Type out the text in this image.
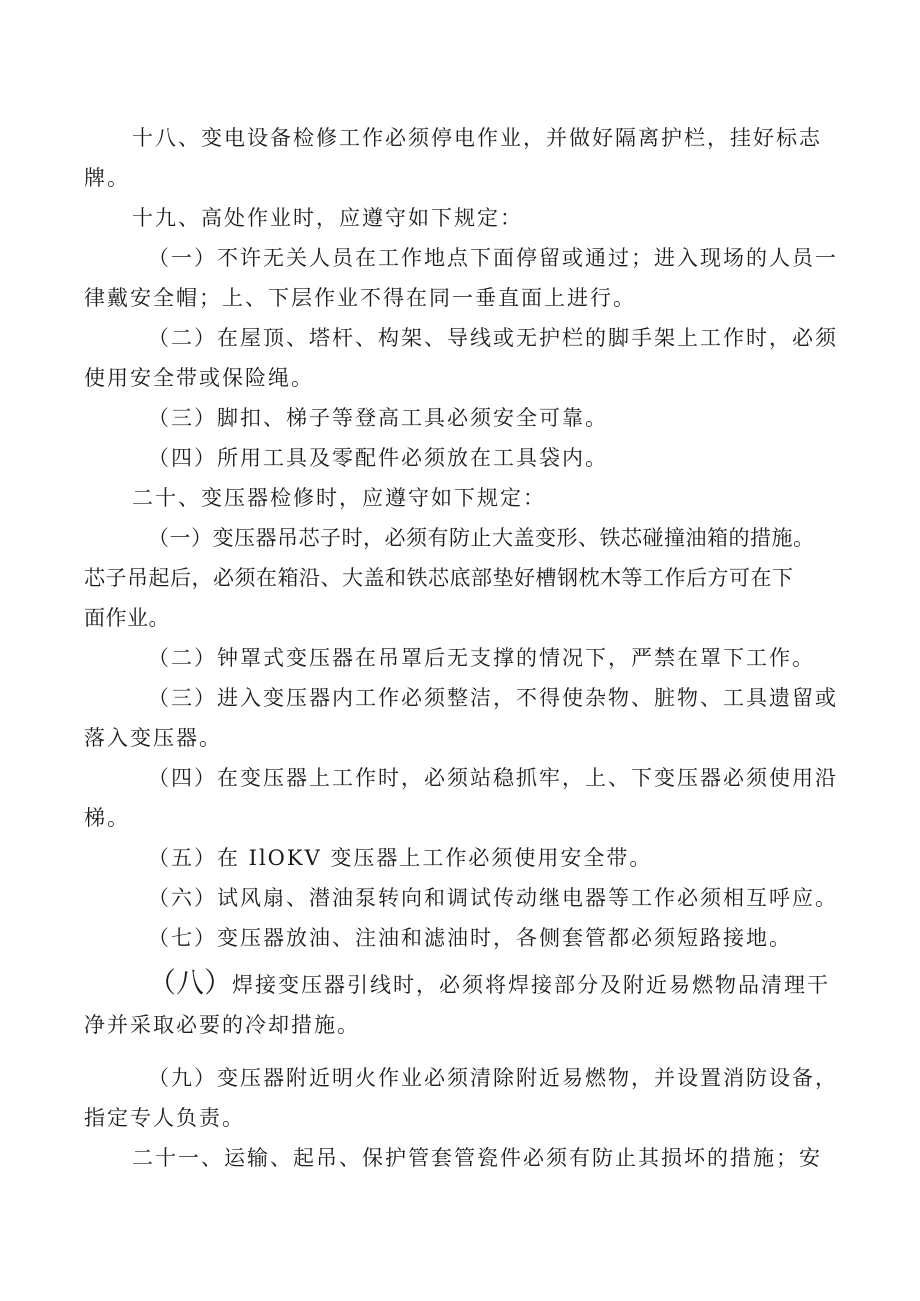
十八、变电设备检修工作必须停电作业，并做好隔离护栏，挂好标志
牌。

十九、高处作业时，应遵守如下规定：

（一）不许无关人员在工作地点下面停留或通过；进入现场的人员一
律戴安全帽；上、下层作业不得在同一垂直面上进行。

（二）在屋顶、塔杆、构架、导线或无护栏的脚手架上工作时，必须
使用安全带或保险绳。

（三）脚扣、梯子等登高工具必须安全可靠。

（四）所用工具及零配件必须放在工具袋内。

二十、变压器检修时，应遵守如下规定：

（一）变压器吊芯子时，必须有防止大盖变形、铁芯碰撞油箱的措施。
芯子吊起后，必须在箱沿、大盖和铁芯底部垫好槽钢枕木等工作后方可在下
面作业。

（二）钟罩式变压器在吊罩后无支撑的情况下，严禁在罩下工作。

（三）进入变压器内工作必须整洁，不得使杂物、脏物、工具遗留或
落入变压器。

（四）在变压器上工作时，必须站稳抓牢，上、下变压器必须使用沿
梯。

（五）在 IlOKV 变压器上工作必须使用安全带。

（六）试风扇、潜油泵转向和调试传动继电器等工作必须相互呼应。

（七）变压器放油、注油和滤油时，各侧套管都必须短路接地。

（八）焊接变压器引线时，必须将焊接部分及附近易燃物品清理干
净并采取必要的冷却措施。

（九）变压器附近明火作业必须清除附近易燃物，并设置消防设备，
指定专人负责。

二十一、运输、起吊、保护管套管瓷件必须有防止其损坏的措施；安
